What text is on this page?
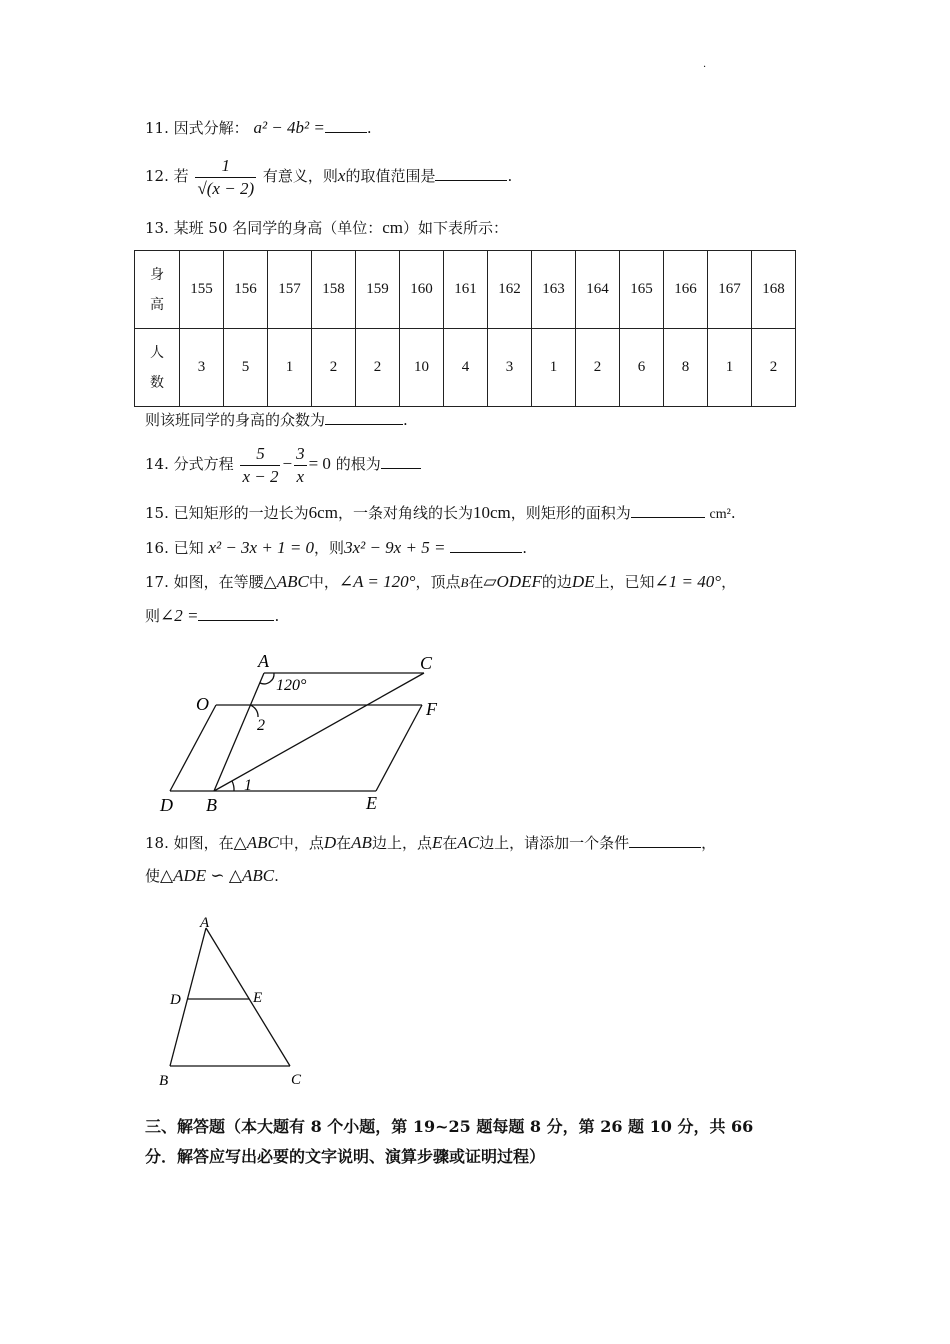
·
11. 因式分解： a² − 4b² =	.
12. 若 $\frac{1}{√(x - 2)}$ 有意义，则x的取值范围是	.
13. 某班 50 名同学的身高（单位：cm）如下表所示：
身
高	155	156	157	158	159	160	161	162	163	164	165	166	167	168

人
数	3	5	1	2	2	10	4	3	1	2	6	8	1	2
则该班同学的身高的众数为	.
14. 分式方程 $\frac{5}{x - 2} - \frac{3}{x} = 0$ 的根为
15. 已知矩形的一边长为6cm，一条对角线的长为10cm，则矩形的面积为	cm².
16. 已知 x² − 3x + 1 = 0，则3x² − 9x + 5 =	.
17. 如图，在等腰△ABC中，∠A = 120°，顶点B在▱ODEF的边DE上，已知∠1 = 40°，
则∠2 =	.
A	C
O	F
D B	E
120°
2
1
18. 如图，在△ABC中，点D在AB边上，点E在AC边上，请添加一个条件	，
使△ADE ∽ △ABC.
A
D	E
B	C
三、解答题（本大题有 8 个小题，第 19~25 题每题 8 分，第 26 题 10 分，共 66
分．解答应写出必要的文字说明、演算步骤或证明过程）
